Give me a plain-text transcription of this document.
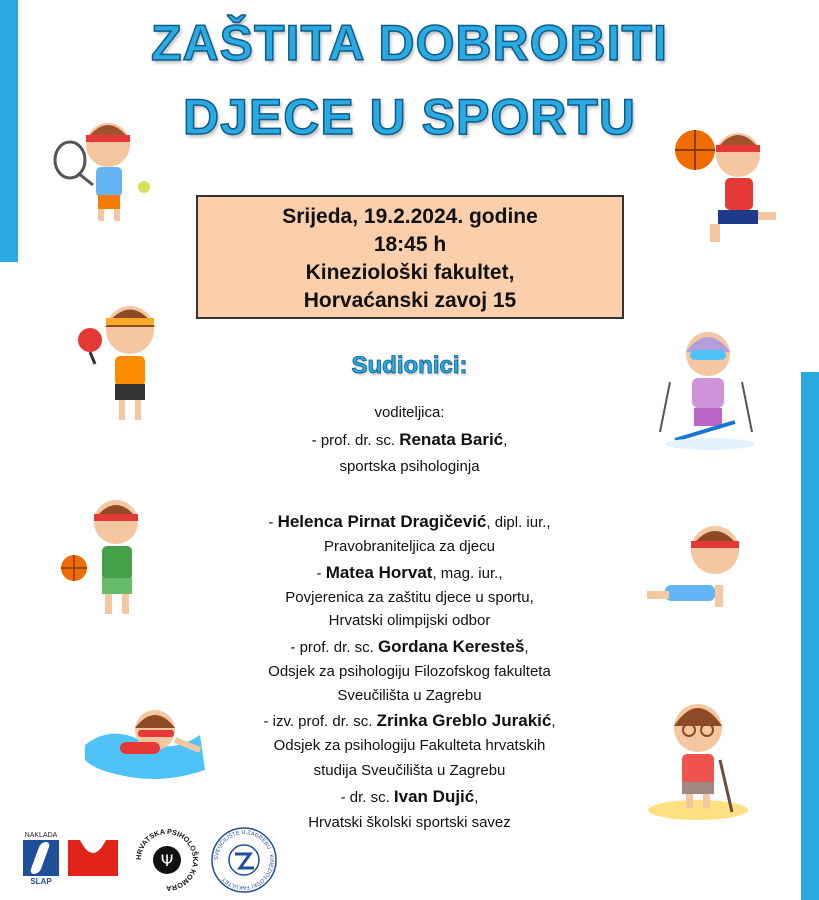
ZAŠTITA DOBROBITI
DJECE U SPORTU
Srijeda, 19.2.2024. godine
18:45 h
Kineziološki fakultet,
Horvaćanski zavoj 15
Sudionici:
voditeljica:
- prof. dr. sc. Renata Barić,
sportska psihologinja
- Helenca Pirnat Dragičević, dipl. iur.,
Pravobraniteljica za djecu
- Matea Horvat, mag. iur.,
Povjerenica za zaštitu djece u sportu,
Hrvatski olimpijski odbor
- prof. dr. sc. Gordana Keresteš,
Odsjek za psihologiju Filozofskog fakulteta
Sveučilišta u Zagrebu
- izv. prof. dr. sc. Zrinka Greblo Jurakić,
Odsjek za psihologiju Fakulteta hrvatskih
studija Sveučilišta u Zagrebu
- dr. sc. Ivan Dujić,
Hrvatski školski sportski savez
NAKLADA
SLAP
HRVATSKA PSIHOLOŠKA KOMORA
Ψ	SVEUČILIŠTE U ZAGREBU · KINEZIOLOŠKI FAKULTET
